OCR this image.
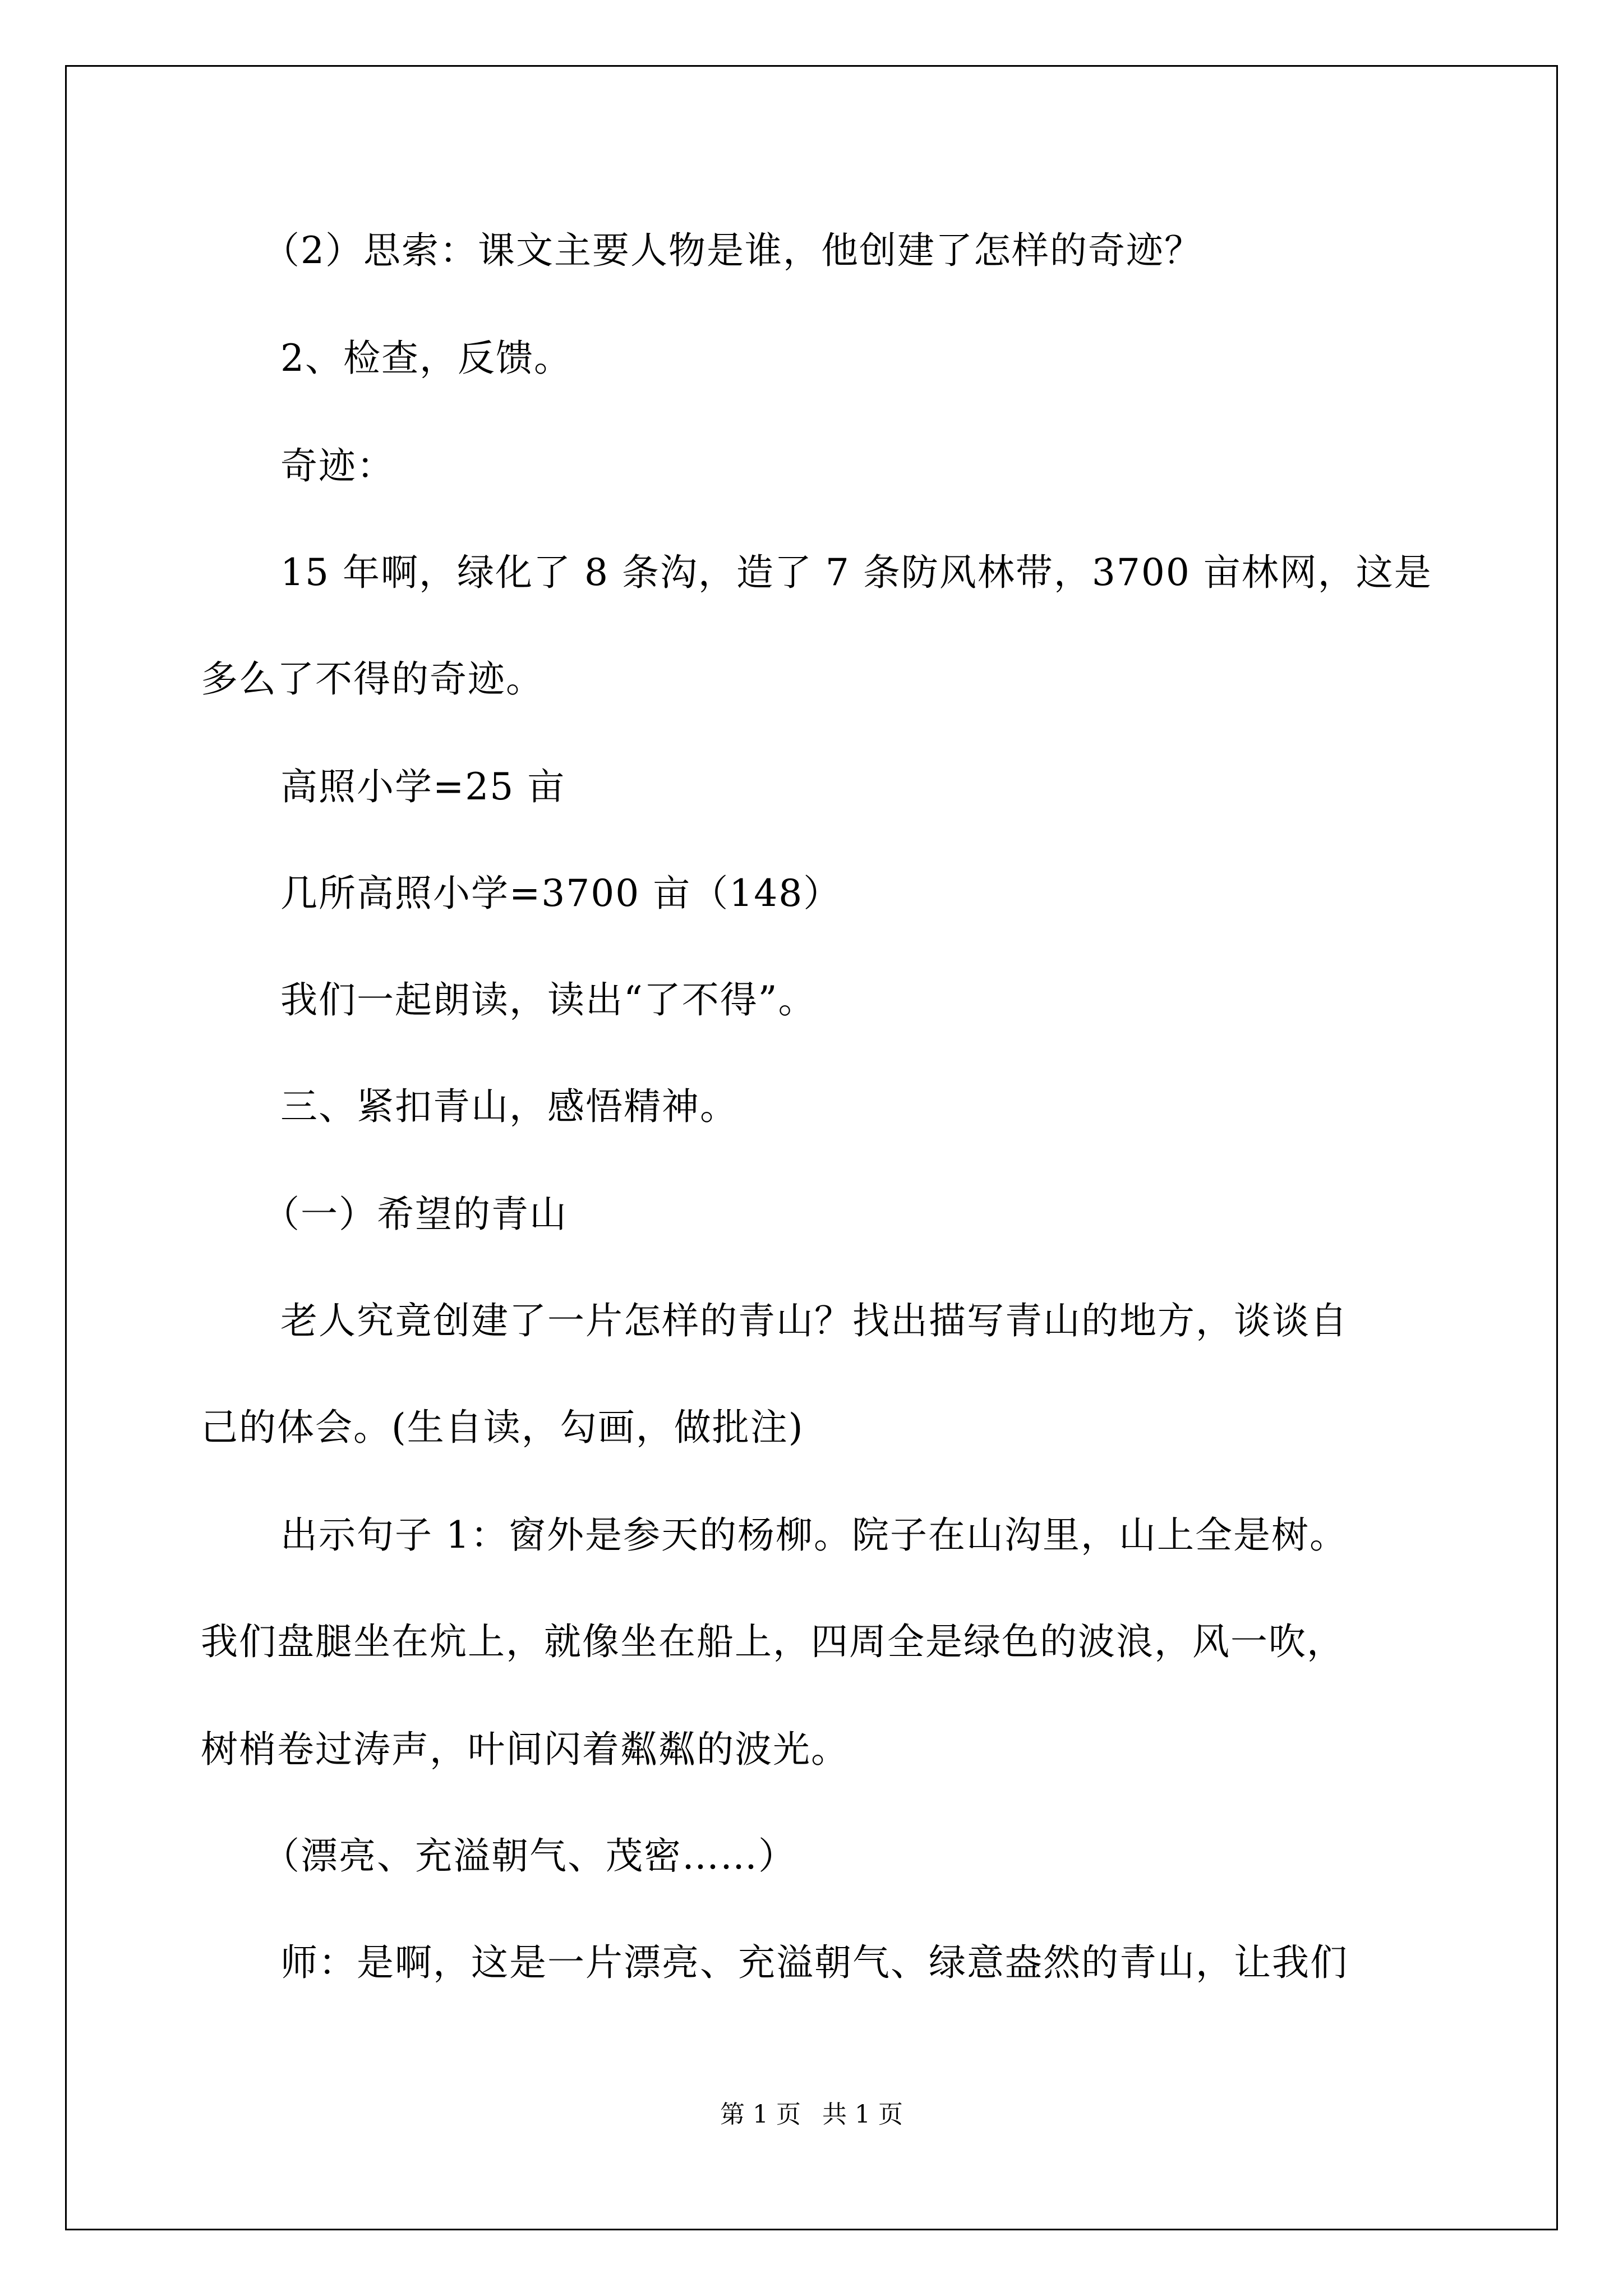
（2）思索：课文主要人物是谁，他创建了怎样的奇迹？
2、检查，反馈。
奇迹：
15 年啊，绿化了 8 条沟，造了 7 条防风林带，3700 亩林网，这是
多么了不得的奇迹。
高照小学=25 亩
几所高照小学=3700 亩（148）
我们一起朗读，读出“了不得”。
三、紧扣青山，感悟精神。
（一）希望的青山
老人究竟创建了一片怎样的青山？找出描写青山的地方，谈谈自
己的体会。(生自读，勾画，做批注)
出示句子 1：窗外是参天的杨柳。院子在山沟里，山上全是树。
我们盘腿坐在炕上，就像坐在船上，四周全是绿色的波浪，风一吹，
树梢卷过涛声，叶间闪着粼粼的波光。
（漂亮、充溢朝气、茂密……）
师：是啊，这是一片漂亮、充溢朝气、绿意盎然的青山，让我们
第 1 页 共 1 页
